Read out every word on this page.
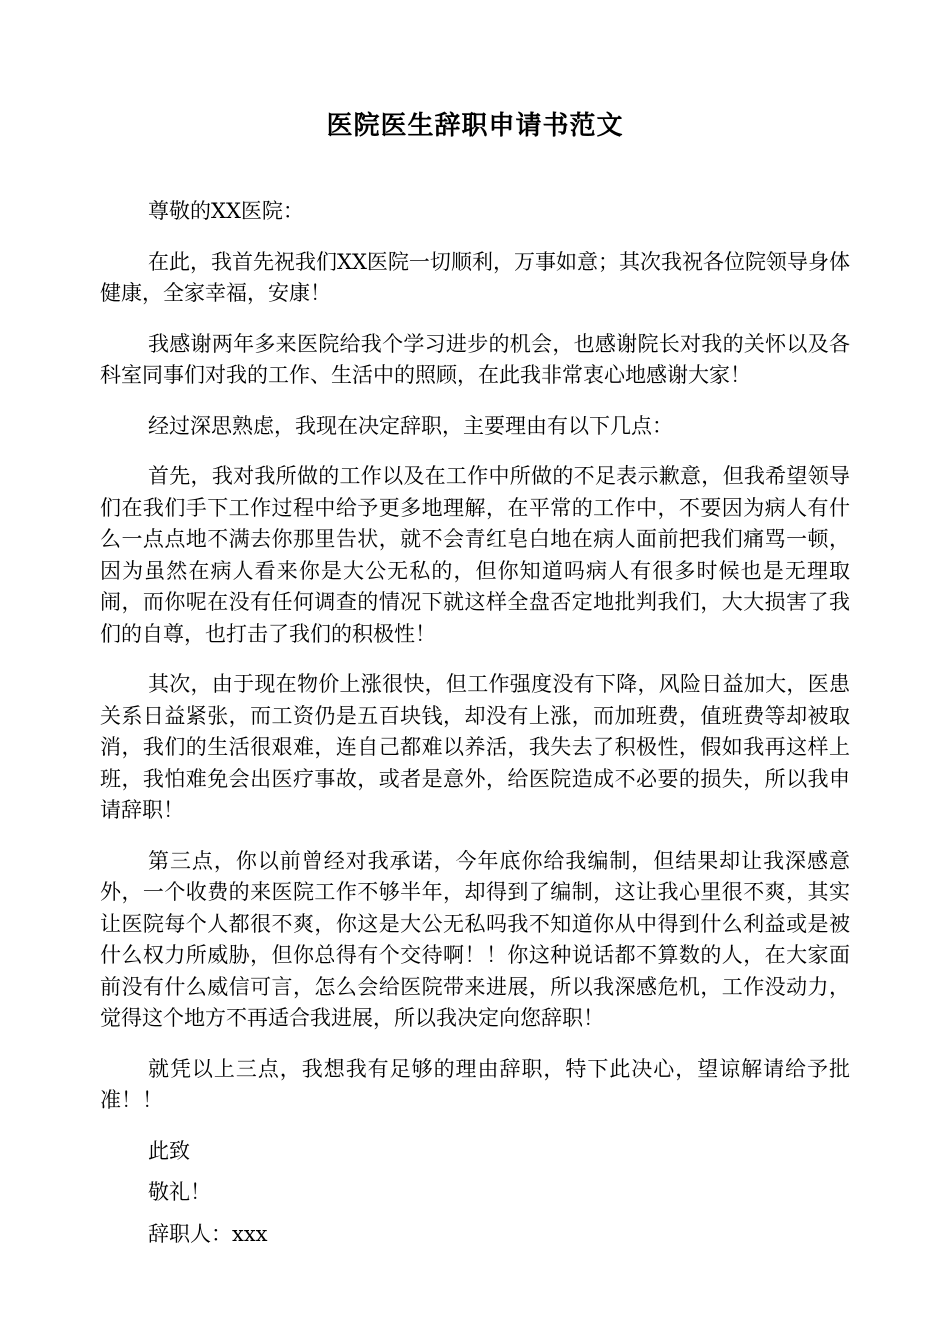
医院医生辞职申请书范文

尊敬的XX医院：

在此，我首先祝我们XX医院一切顺利，万事如意；其次我祝各位院领导身体健康，全家幸福，安康！

我感谢两年多来医院给我个学习进步的机会，也感谢院长对我的关怀以及各科室同事们对我的工作、生活中的照顾，在此我非常衷心地感谢大家！

经过深思熟虑，我现在决定辞职，主要理由有以下几点：

首先，我对我所做的工作以及在工作中所做的不足表示歉意，但我希望领导们在我们手下工作过程中给予更多地理解，在平常的工作中，不要因为病人有什么一点点地不满去你那里告状，就不会青红皂白地在病人面前把我们痛骂一顿，因为虽然在病人看来你是大公无私的，但你知道吗病人有很多时候也是无理取闹，而你呢在没有任何调查的情况下就这样全盘否定地批判我们，大大损害了我们的自尊，也打击了我们的积极性！

其次，由于现在物价上涨很快，但工作强度没有下降，风险日益加大，医患关系日益紧张，而工资仍是五百块钱，却没有上涨，而加班费，值班费等却被取消，我们的生活很艰难，连自己都难以养活，我失去了积极性，假如我再这样上班，我怕难免会出医疗事故，或者是意外，给医院造成不必要的损失，所以我申请辞职！

第三点，你以前曾经对我承诺，今年底你给我编制，但结果却让我深感意外，一个收费的来医院工作不够半年，却得到了编制，这让我心里很不爽，其实让医院每个人都很不爽，你这是大公无私吗我不知道你从中得到什么利益或是被什么权力所威胁，但你总得有个交待啊！！你这种说话都不算数的人，在大家面前没有什么威信可言，怎么会给医院带来进展，所以我深感危机，工作没动力，觉得这个地方不再适合我进展，所以我决定向您辞职！

就凭以上三点，我想我有足够的理由辞职，特下此决心，望谅解请给予批准！！

此致

敬礼！

辞职人：xxx
